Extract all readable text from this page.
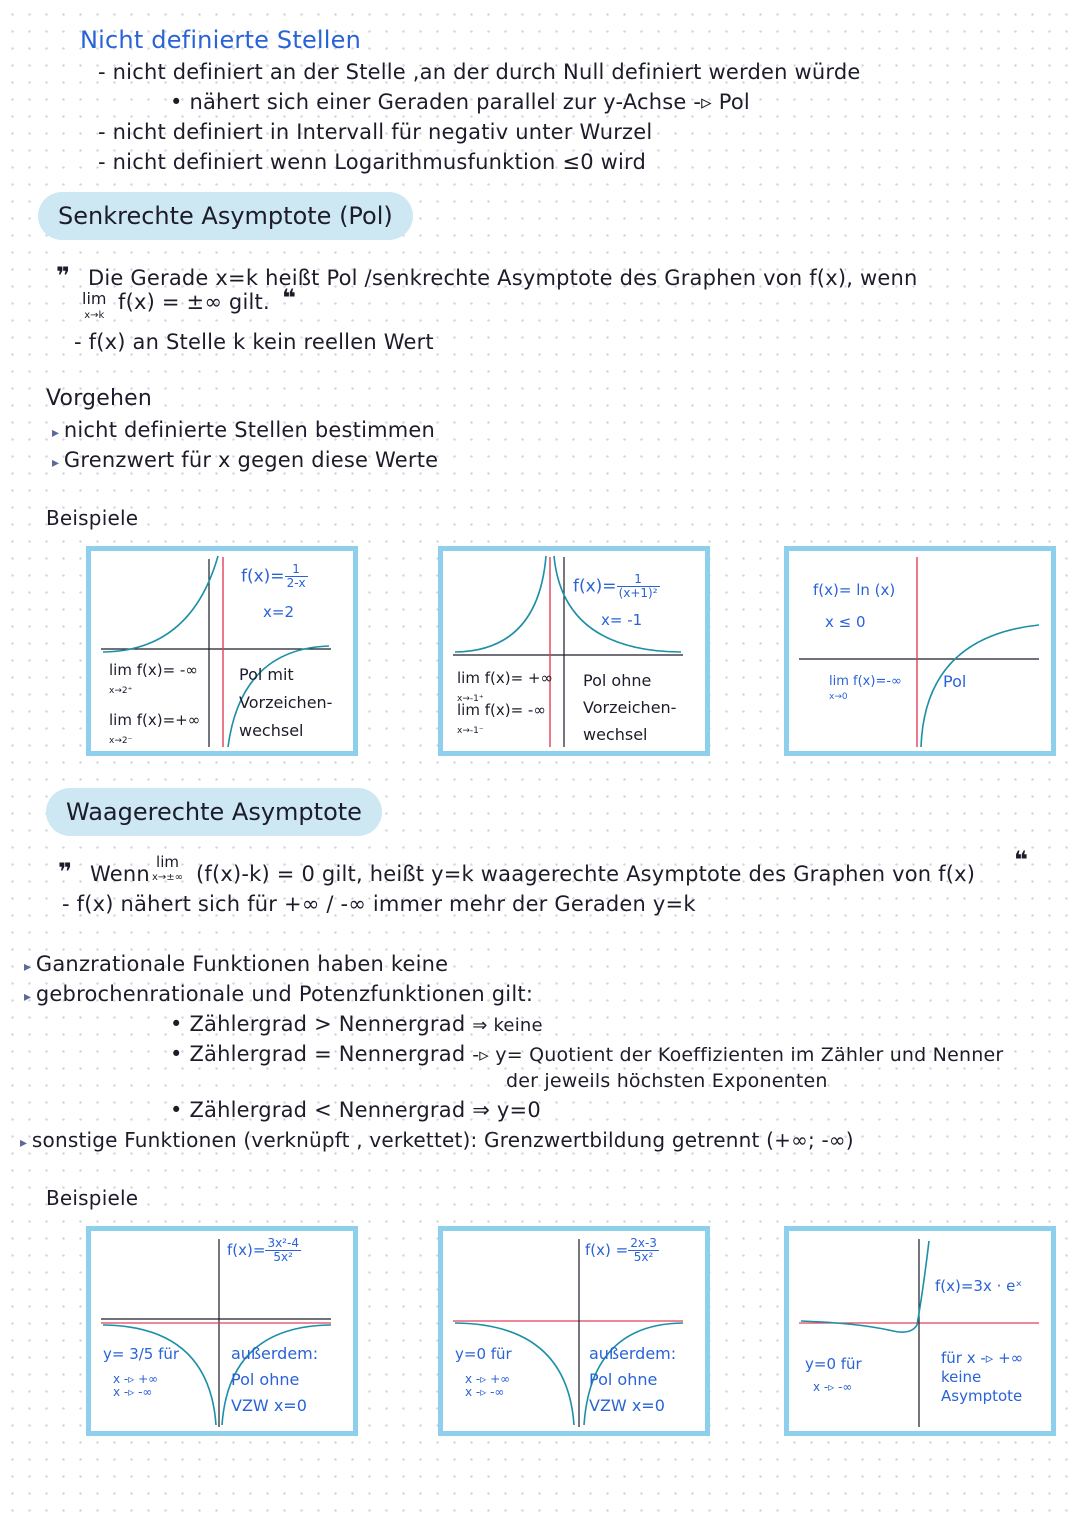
Nicht definierte Stellen
- nicht definiert an der Stelle ,an der durch Null definiert werden würde
• nähert sich einer Geraden parallel zur y-Achse -▹ Pol
- nicht definiert in Intervall für negativ unter Wurzel
- nicht definiert wenn Logarithmusfunktion ≤0 wird
Senkrechte Asymptote (Pol)
❞ Die Gerade x=k heißt Pol /senkrechte Asymptote des Graphen von f(x), wenn
lim
x→k
f(x) = ±∞ gilt. ❝
- f(x) an Stelle k kein reellen Wert
Vorgehen
▸ nicht definierte Stellen bestimmen
▸ Grenzwert für x gegen diese Werte
Beispiele
$f(x)= \frac{1}{2-x}$
x=2
lim f(x)= -∞
x→2⁺
lim f(x)=+∞
x→2⁻
Pol mit
Vorzeichen-
wechsel
$f(x)= \frac{1}{\text{(x+1)²}}$
x= -1
lim f(x)= +∞
x→-1⁺
lim f(x)= -∞
x→-1⁻
Pol ohne
Vorzeichen-
wechsel
f(x)= ln (x)
x ≤ 0
lim f(x)=-∞
x→0
Pol
Waagerechte Asymptote
❞ Wenn lim
x→±∞ (f(x)-k) = 0 gilt, heißt y=k waagerechte Asymptote des Graphen von f(x) ❝
- f(x) nähert sich für +∞ / -∞ immer mehr der Geraden y=k
▸ Ganzrationale Funktionen haben keine
▸ gebrochenrationale und Potenzfunktionen gilt:
• Zählergrad > Nennergrad ⇒ keine
• Zählergrad = Nennergrad -▹ y= Quotient der Koeffizienten im Zähler und Nenner
der jeweils höchsten Exponenten
• Zählergrad < Nennergrad ⇒ y=0
▸ sonstige Funktionen (verknüpft , verkettet): Grenzwertbildung getrennt (+∞; -∞)
Beispiele
$f(x)= \frac{\text{3x²-4}}{\text{5x²}}$
y= 3/5 für
x -▹ +∞
x -▹ -∞
außerdem:
Pol ohne
VZW x=0
$f(x) = \frac{2x-3}{\text{5x²}}$
y=0 für
x -▹ +∞
x -▹ -∞
außerdem:
Pol ohne
VZW x=0
f(x)=3x · eˣ
y=0 für
x -▹ -∞
für x -▹ +∞
keine
Asymptote
